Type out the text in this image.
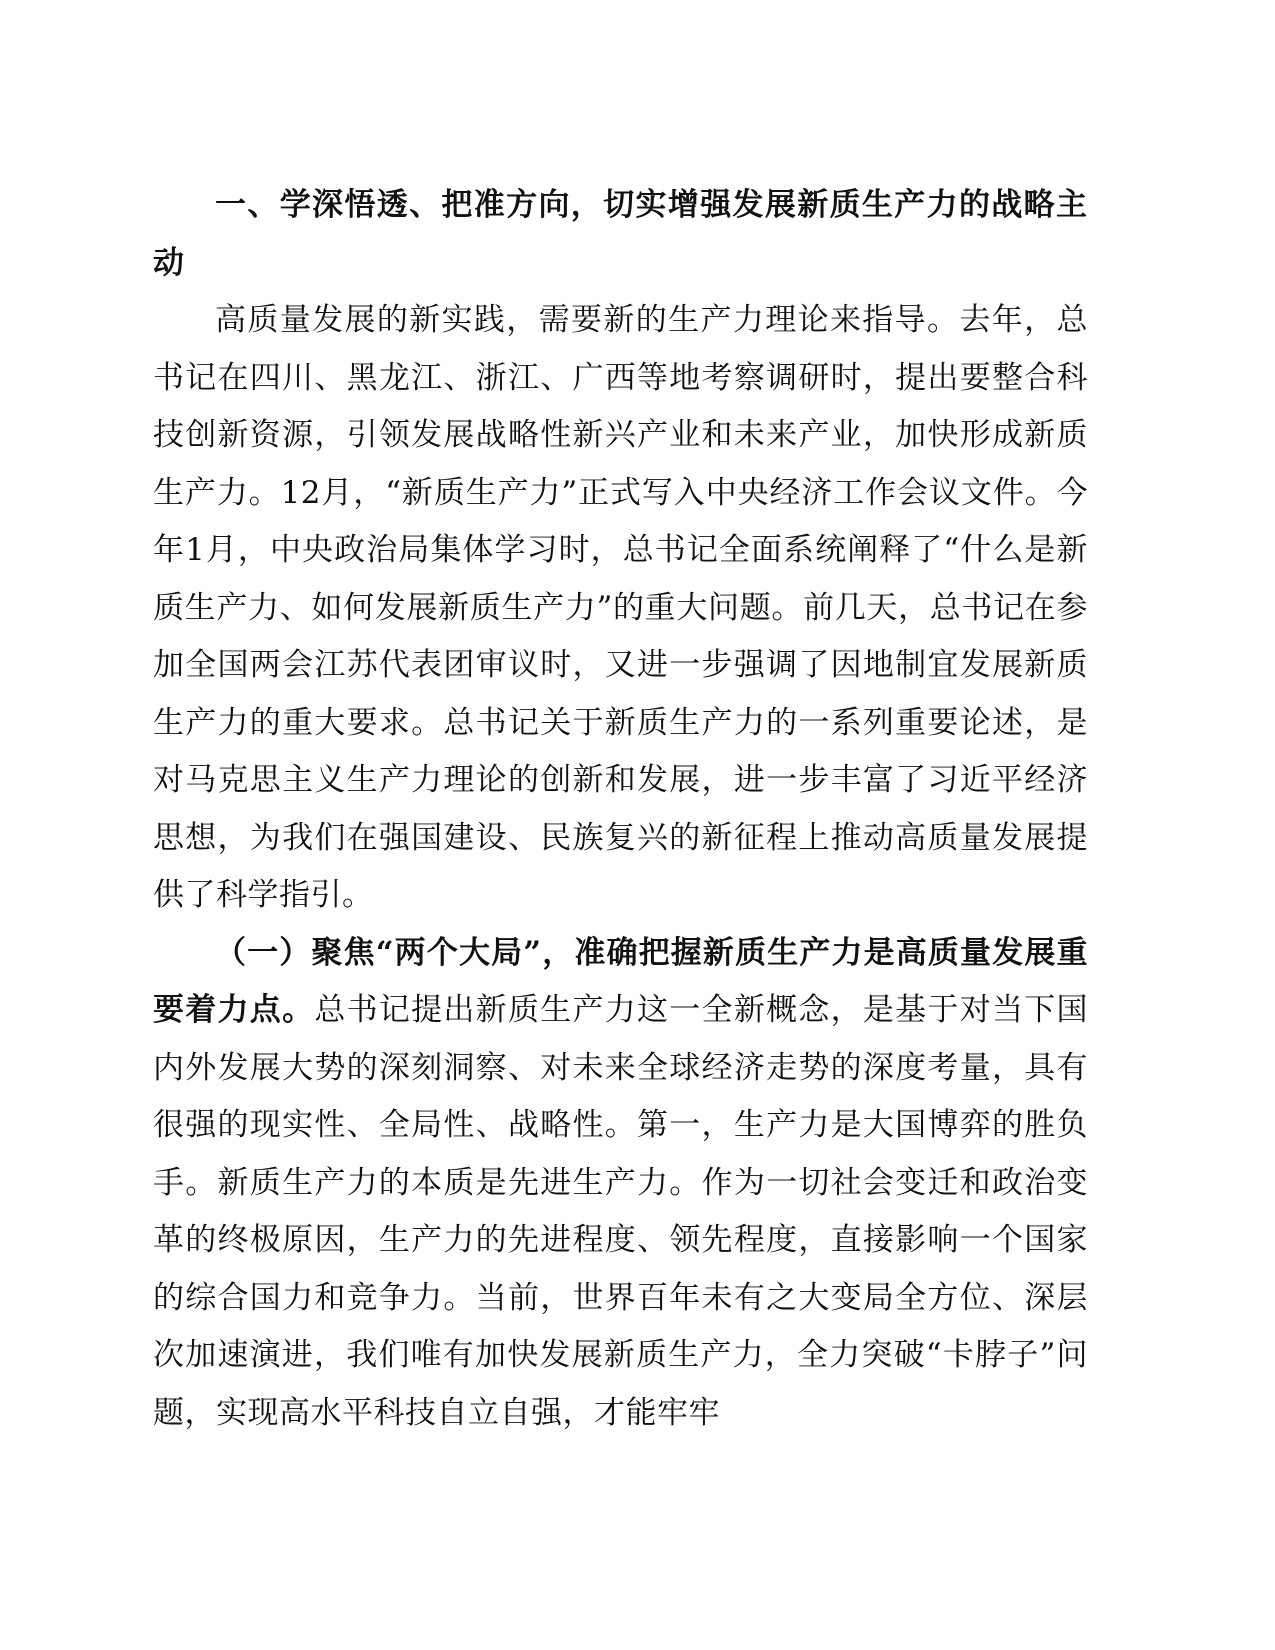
一、学深悟透、把准方向，切实增强发展新质生产力的战略主动

高质量发展的新实践，需要新的生产力理论来指导。去年，总书记在四川、黑龙江、浙江、广西等地考察调研时，提出要整合科技创新资源，引领发展战略性新兴产业和未来产业，加快形成新质生产力。12月，“新质生产力”正式写入中央经济工作会议文件。今年1月，中央政治局集体学习时，总书记全面系统阐释了“什么是新质生产力、如何发展新质生产力”的重大问题。前几天，总书记在参加全国两会江苏代表团审议时，又进一步强调了因地制宜发展新质生产力的重大要求。总书记关于新质生产力的一系列重要论述，是对马克思主义生产力理论的创新和发展，进一步丰富了习近平经济思想，为我们在强国建设、民族复兴的新征程上推动高质量发展提供了科学指引。

（一）聚焦“两个大局”，准确把握新质生产力是高质量发展重要着力点。总书记提出新质生产力这一全新概念，是基于对当下国内外发展大势的深刻洞察、对未来全球经济走势的深度考量，具有很强的现实性、全局性、战略性。第一，生产力是大国博弈的胜负手。新质生产力的本质是先进生产力。作为一切社会变迁和政治变革的终极原因，生产力的先进程度、领先程度，直接影响一个国家的综合国力和竞争力。当前，世界百年未有之大变局全方位、深层次加速演进，我们唯有加快发展新质生产力，全力突破“卡脖子”问题，实现高水平科技自立自强，才能牢牢
